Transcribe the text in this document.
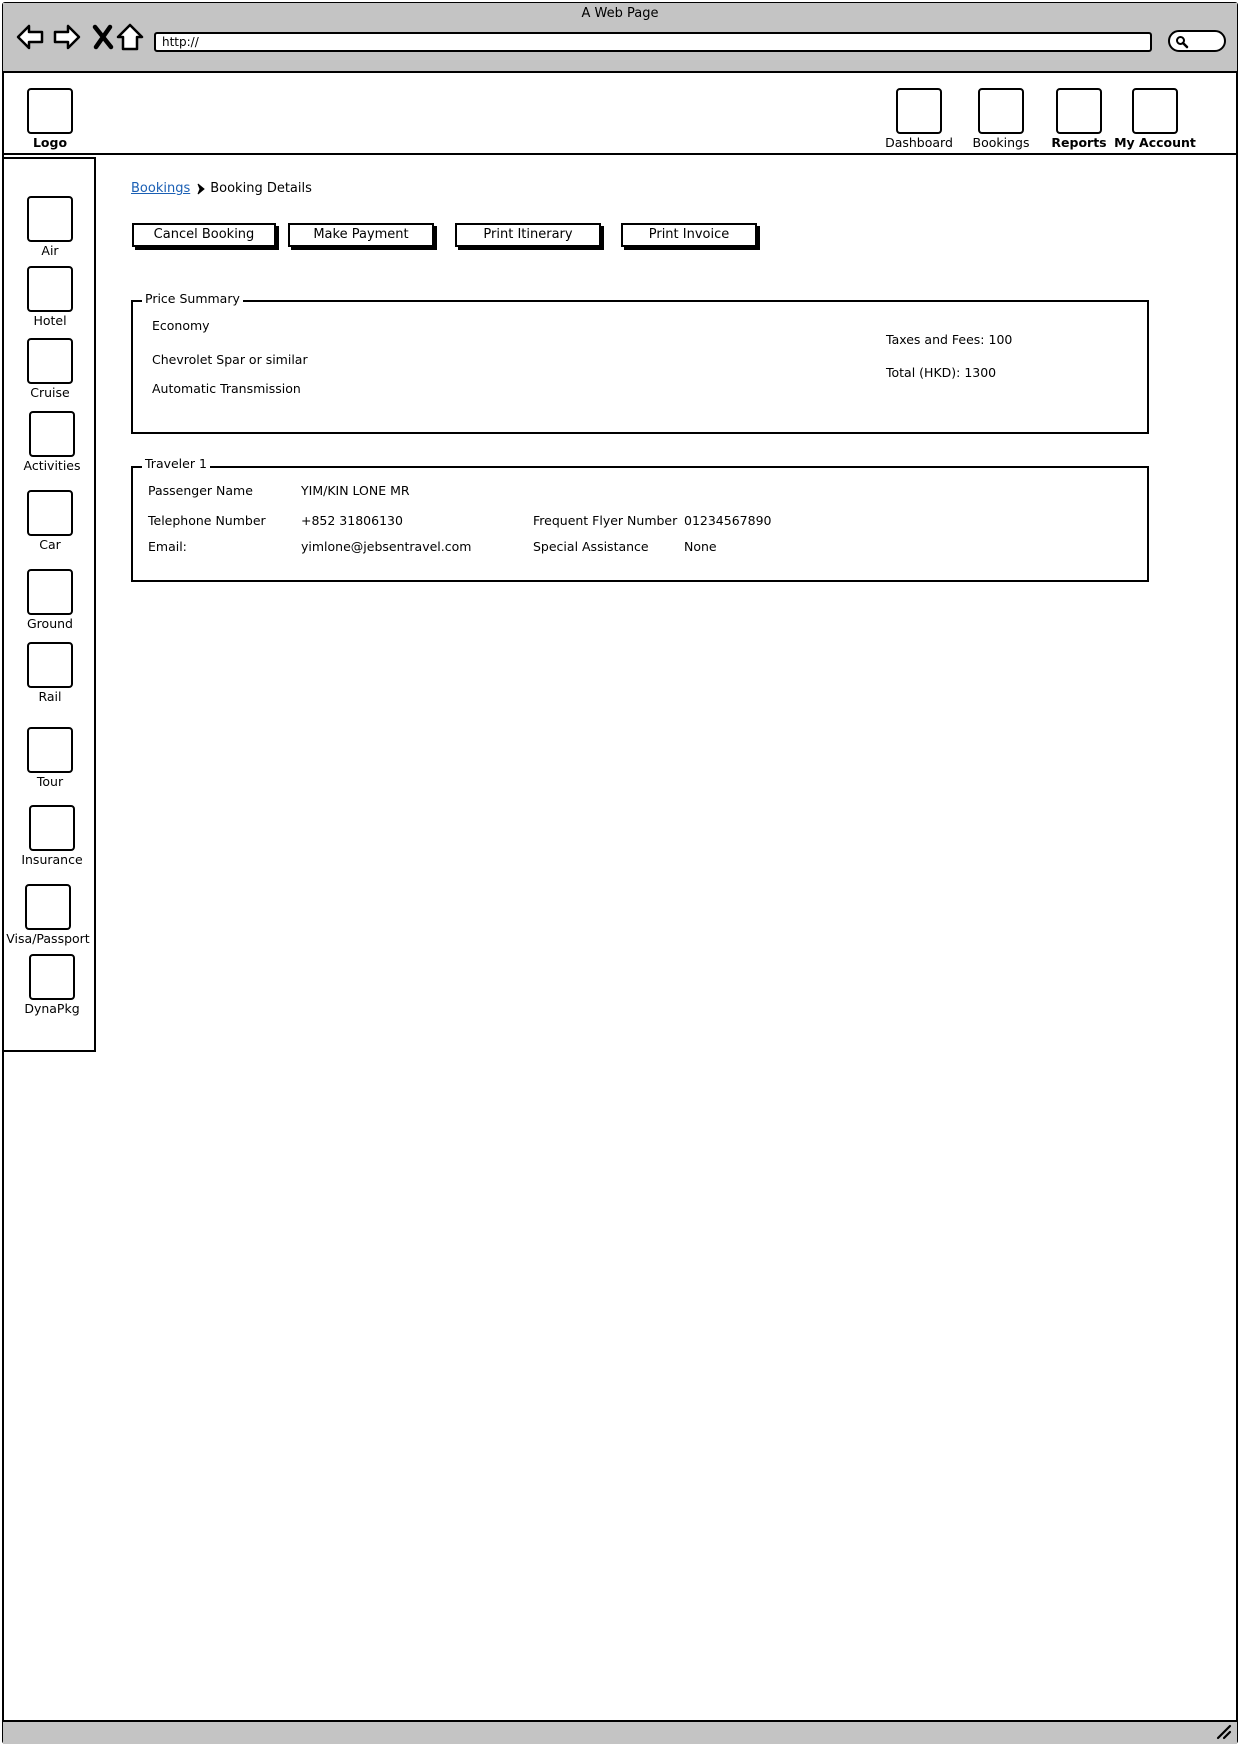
A Web Page
http://
Logo	Dashboard	Bookings	Reports My Account
Air
Hotel
Cruise
Activities
Car
Ground
Rail
Tour
Insurance
Visa/Passport
DynaPkg
Bookings Booking Details
Cancel Booking	Make Payment	Print Itinerary	Print Invoice
Price Summary
Economy
Chevrolet Spar or similar
Automatic Transmission
Taxes and Fees: 100
Total (HKD): 1300
Traveler 1
Passenger Name	YIM/KIN LONE MR
Telephone Number	+852 31806130	Frequent Flyer Number 01234567890
Email:	yimlone@jebsentravel.com	Special Assistance	None
